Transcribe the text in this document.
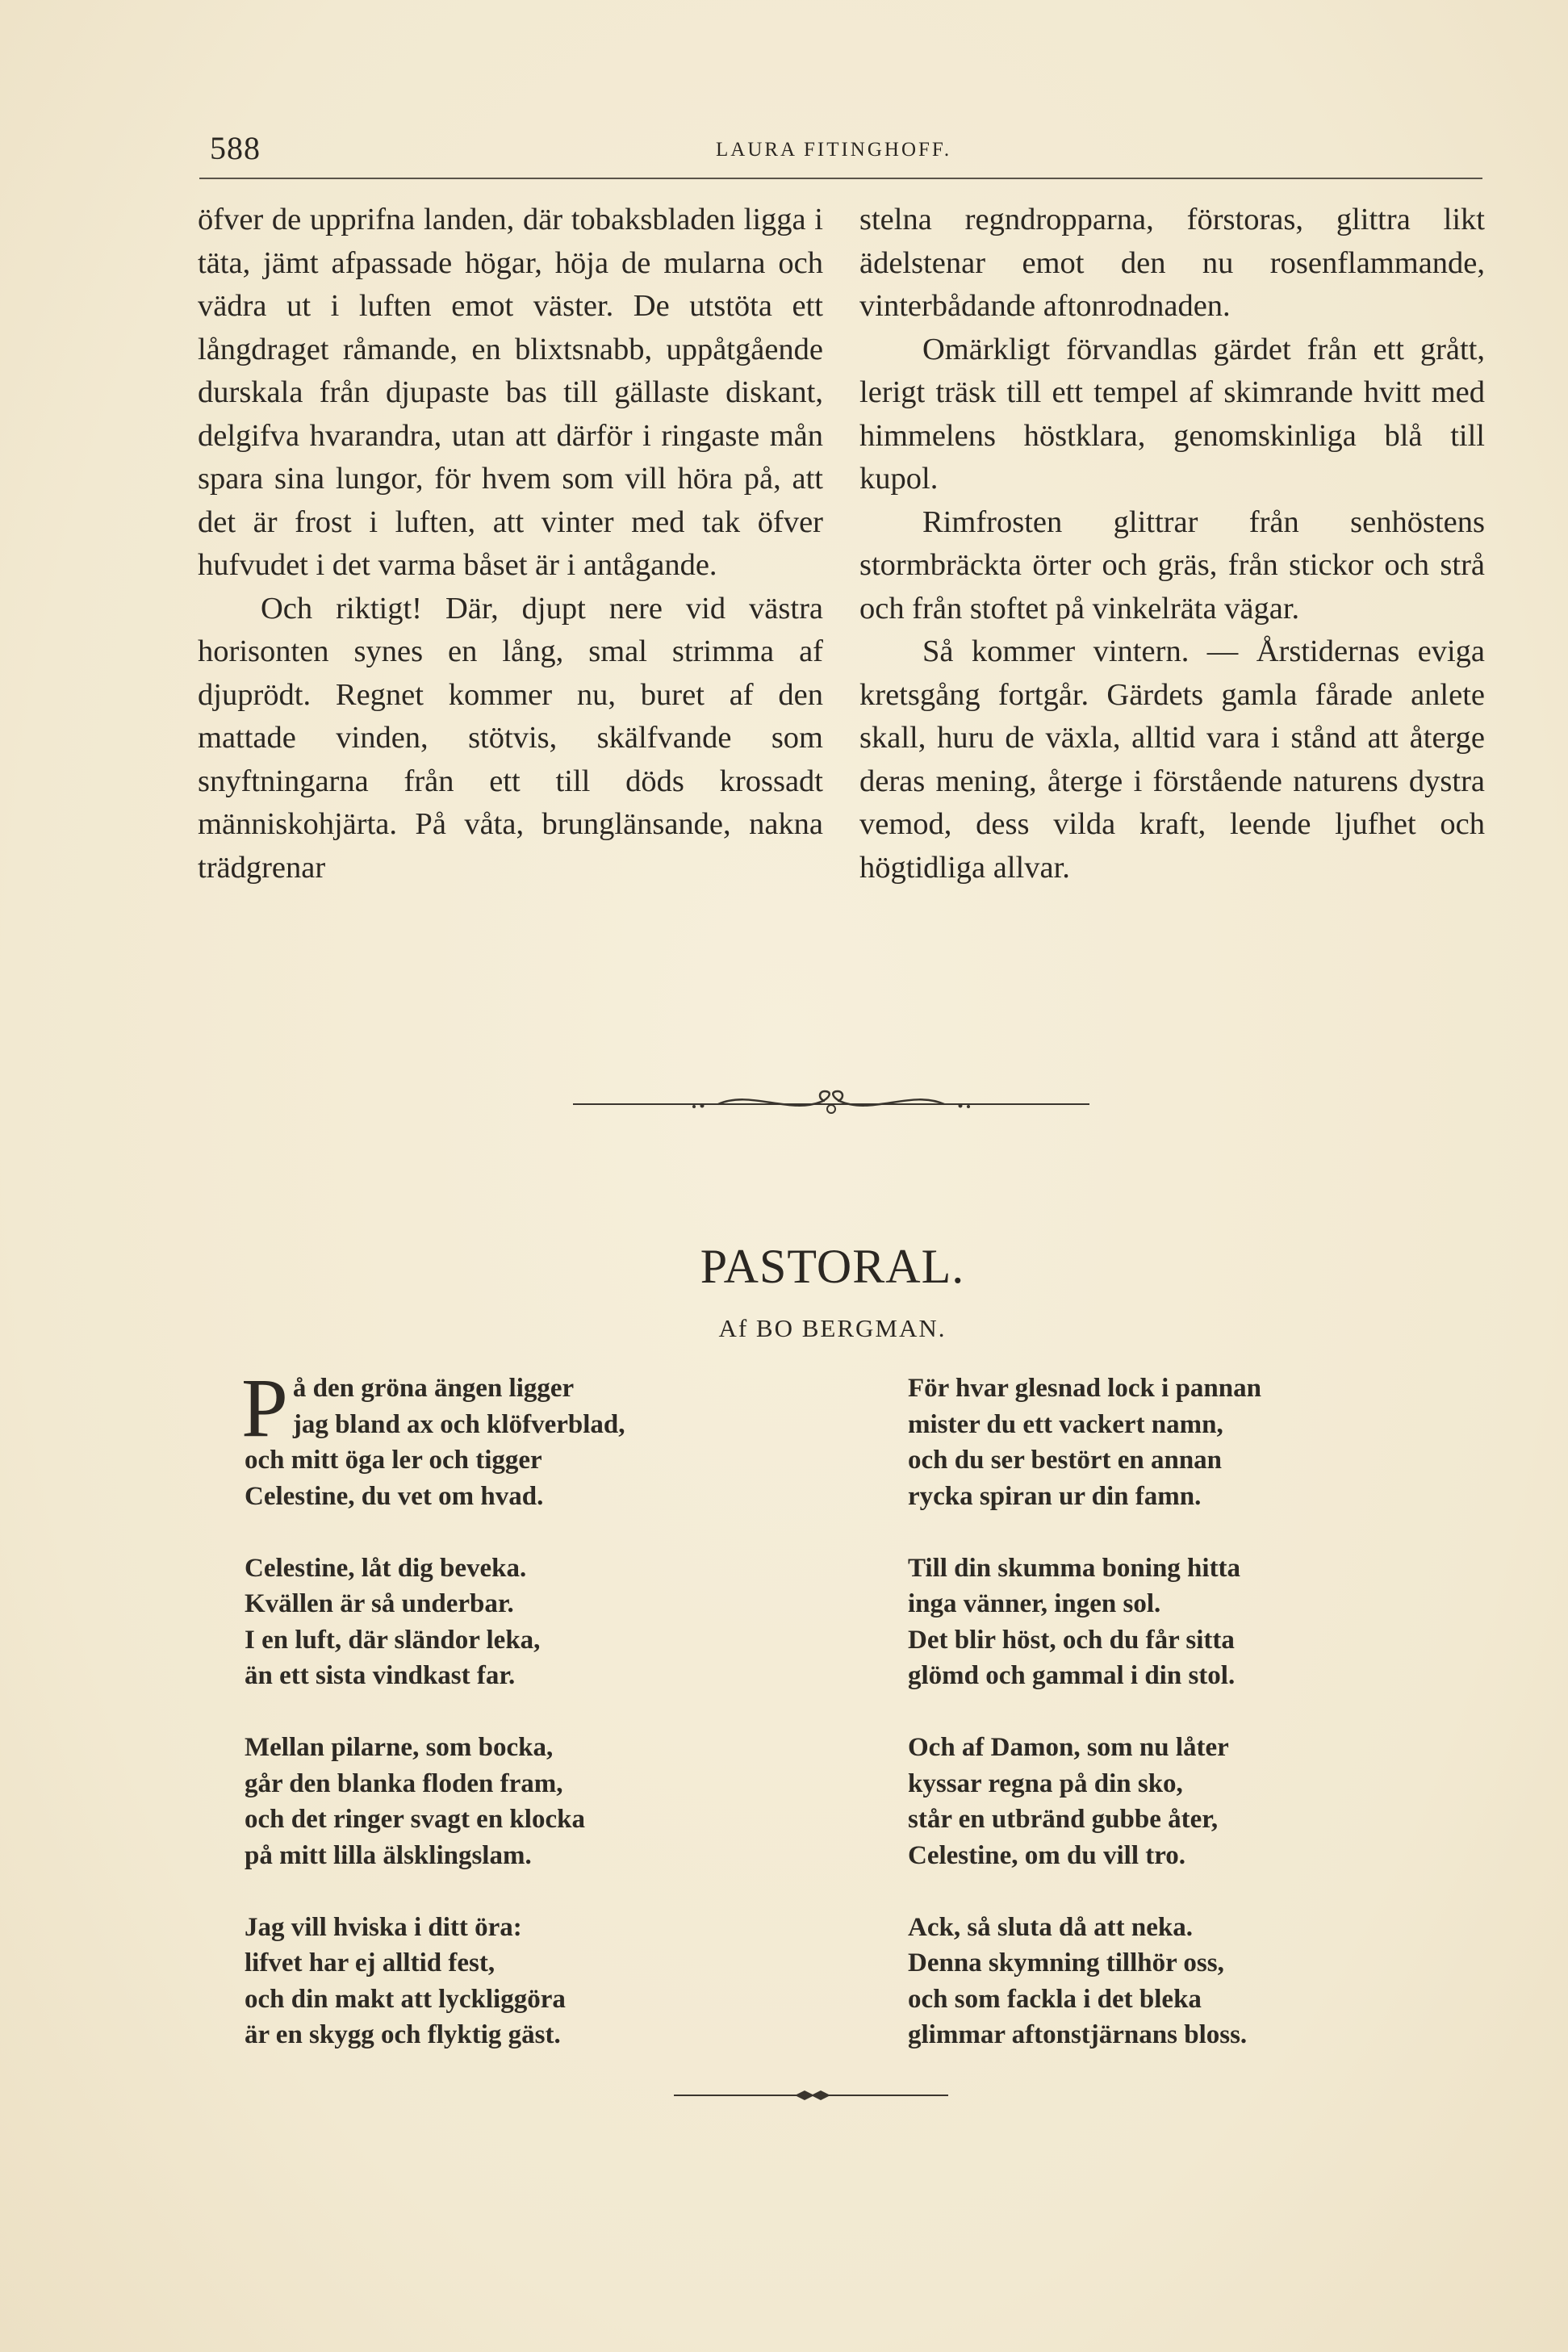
588	LAURA FITINGHOFF.

öfver de upprifna landen, där tobaksbladen ligga i täta, jämt afpassade högar, höja de mularna och vädra ut i luften emot väster. De utstöta ett långdraget råmande, en blixtsnabb, uppåtgående durskala från djupaste bas till gällaste diskant, delgifva hvarandra, utan att därför i ringaste mån spara sina lungor, för hvem som vill höra på, att det är frost i luften, att vinter med tak öfver hufvudet i det varma båset är i antågande.

Och riktigt! Där, djupt nere vid västra horisonten synes en lång, smal strimma af djuprödt. Regnet kommer nu, buret af den mattade vinden, stötvis, skälfvande som snyftningarna från ett till döds krossadt människohjärta. På våta, brunglänsande, nakna trädgrenar

stelna regndropparna, förstoras, glittra likt ädelstenar emot den nu rosenflammande, vinterbådande aftonrodnaden.

Omärkligt förvandlas gärdet från ett grått, lerigt träsk till ett tempel af skimrande hvitt med himmelens höstklara, genomskinliga blå till kupol.

Rimfrosten glittrar från senhöstens stormbräckta örter och gräs, från stickor och strå och från stoftet på vinkelräta vägar.

Så kommer vintern. — Årstidernas eviga kretsgång fortgår. Gärdets gamla fårade anlete skall, huru de växla, alltid vara i stånd att återge deras mening, återge i förstående naturens dystra vemod, dess vilda kraft, leende ljufhet och högtidliga allvar.

PASTORAL.
Af BO BERGMAN.
P å den gröna ängen ligger
jag bland ax och klöfverblad,
och mitt öga ler och tigger
Celestine, du vet om hvad.
Celestine, låt dig beveka.
Kvällen är så underbar.
I en luft, där sländor leka,
än ett sista vindkast far.
Mellan pilarne, som bocka,
går den blanka floden fram,
och det ringer svagt en klocka
på mitt lilla älsklingslam.
Jag vill hviska i ditt öra:
lifvet har ej alltid fest,
och din makt att lyckliggöra
är en skygg och flyktig gäst.
För hvar glesnad lock i pannan
mister du ett vackert namn,
och du ser bestört en annan
rycka spiran ur din famn.
Till din skumma boning hitta
inga vänner, ingen sol.
Det blir höst, och du får sitta
glömd och gammal i din stol.
Och af Damon, som nu låter
kyssar regna på din sko,
står en utbränd gubbe åter,
Celestine, om du vill tro.
Ack, så sluta då att neka.
Denna skymning tillhör oss,
och som fackla i det bleka
glimmar aftonstjärnans bloss.
